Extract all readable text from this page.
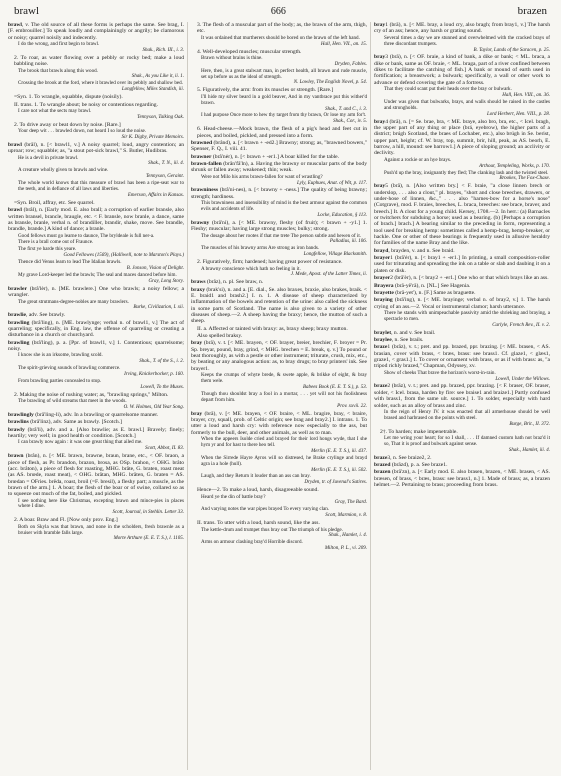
brawl	666	brazen

brawl, v. The old source of all these forms is perhaps the same. See brag, I. [F. embrouiller.] To speak loudly and complainingly or angrily; be clamorous or noisy; quarrel noisily and indecently.

I do the wrong, and first begin to brawl.
Shak., Rich. III., i. 3.

2. To roar, as water flowing over a pebbly or rocky bed; make a loud babbling noise.

The brook that brawls along this wood.
Shak., As you Like it, ii. 1.
Crossing the brook at the ford, where it brawled over its pebbly and shallow bed.
Longfellow, Miles Standish, iii.

=Syn. 1. To wrangle, squabble, dispute (noisily).

II. trans. 1. To wrangle about; be noisy or contentious regarding.

I care not what the sects may brawl.
Tennyson, Talking Oak.

2. To drive away or beat down by noise. [Rare.]

Your deep wit . . . brawled down, not heard I so loud the noise.
Sir K. Digby, Private Memoirs.

brawl (brâl), n. [< brawl1, v.] A noisy quarrel; loud, angry contention; an uproar; row; squabble; as, "a stout pot-sick brawl," S. Butler, Hudibras.

He is a devil in private brawl.
Shak., T. N., iii. 4.
A creature wholly given to brawls and wine.
Tennyson, Geraint.
The whole world knows that this measure of brawl has been a ripe-seat war to the teeth, and in defiance of all laws and liberties.
Emerson, Affairs in Kansas.

=Syn. Broil, affray, etc. See quarrel.

brawl (brâl), n. [Early mod. E. also brall; a corruption of earlier bransle, also written bransel, brancle, braugle, etc. < F. bransle, now branle, a dance, same as bransle, branle, verbal n. of brandiller, brandir, shake, move. See brandle, brandle, brande.] A kind of dance; a branle.

Good fellows must go learne to daunce, The bryldeale is full ner-a.
There is a brall come out of Fraunce.
The first ye harde this yeare.
Good Fellowes (1569), (Halliwell, note to Marston's Plays.)
Thence did Venus learn to lead The Idalian brawls.
B. Jonson, Vision of Delight.
My grave Lord-keeper led the brawls; The seal and maces danced before him.
Gray, Long Story.

brawler (brâ'lėr), n. [ME. brawlere.] One who brawls; a noisy fellow; a wrangler.

The great strutmans-degree-nobles are many brawlers.
Burke, Civilization, I. xii.

brawlie, adv. See brawly.

brawling (brâ'ling), n. [ME. brawlynge; verbal n. of brawl1, v.] The act of quarreling; specifically, in Eng. law, the offense of quarreling or creating a disturbance in a church or churchyard.

brawling (brâ'ling), p. a. [Ppr. of brawl1, v.] 1. Contentious; quarrelsome; noisy.

I know she is an irksome, brawling scold.
Shak., T. of the S., i. 2.
The spirit-grieving sounds of brawling commerce.
Irving, Knickerbocker, p. 160.
From brawling parties concealed to stop.
Lowell, To the Muses.

2. Making the noise of rushing water; as, "brawling springs," Milton.

The brawling of wild streams that meet in the woods.
O. W. Holmes, Old Year Song.

brawlingly (brâ'ling-li), adv. In a brawling or quarrelsome manner.

brawlins (brâ'linz), adv. Same as brawly. [Scotch.]

brawly (brâ'li), adv. and a. [Also brawlie; as E. brawl.] Bravely; finely; heartily; very well; in good health or condition. [Scotch.]

I can brawly now again : it was one great thing that ailed me.
Scott, Abbot, II. 83.

brawn (brân), n. [< ME. brawn, brawne, braun, brane, etc., < OF. braon, a piece of flesh, as Pr. brandon, brazon, brosa, as OSp. brahon, < OHG. brâto (acc. brâton), a piece of flesh for roasting, MHG. brâte, G. braten, roast meat (as AS. brœde, roast meat), < OHG. brâtan, MHG. brâten, G. braten = AS. brœdan = OFries. brêda, roast, broil (=F. bresil), a fleshy part; a muscle, as the brawn of the arm.] 1. A boar; the flesh of the boar or of swine, collared so as to squeeze out much of the fat, boiled, and pickled.

I see nothing here like Christmas, excepting brawn and mince-pies in places where I dine.
Scott, Journal, in Stehlin. Letter 33.

2. A boar. Braw and Fl. [Now only prov. Eng.]

Both on Skyla was that brawn, and none in the scholders, fresh brawnle as a bruiser with bramble falls large.
Morte Arthure (E. E. T. S.), l. 1105.

3. The flesh of a muscular part of the body; as, the brawn of the arm, thigh, etc.

It was ordained that murtherers should be bored on the brawn of the left hand.
Hall, Hen. VII., an. 15.

4. Well-developed muscles; muscular strength.

Brawn without brains is thine.
Dryden, Fables.
Here, then, is a great stalwart man, in perfect health, all brawn and rude muscle, set up before us as the ideal of strength.
N. Lowley, The English Novel, p. 54.

5. Figuratively, the arm: from its muscles or strength. [Rare.]

I'll hide my silver beard in a gold beaver, And in my vantbrace put this wither'd brawn.
Shak., T. and C., i. 3.
I had purpose Once more to hew thy target from thy brawn, Or lose my arm for't.
Shak., Cor., iv. 5.

6. Head-cheese.—Mock brawn, the flesh of a pig's head and feet cut in pieces, and boiled, pickled, and pressed into a form.

brawned (brând), a. [< brawn + -ed2.] Brawny; strong; as, "brawned bowers," Spenser, F. Q., I. viii. 41.

brawner (brâ'nėr), n. [< brawn + -er1.] A boar killed for the table.

brawn-fallen (brân'fâ'ln), a. Having the brawny or muscular parts of the body shrunk or fallen away; weakened; thin; weak.

Were not Milo his arms brawn-fallen for want of wrastling?
Lyly, Euphues, Anat. of Wit, p. 117.

brawniness (brâ'ni-nes), n. [< brawny + -ness.] The quality of being brawny; strength; hardiness.

This brawniness and insensibility of mind is the best armour against the common evils and accidents of life.
Locke, Education, § 113.

brawny (brâ'ni), a. [< ME. brawny, fleshy (of fruit); < brawn + -y1.] 1. Fleshy; muscular; having large strong muscles; bulky; strong.

The dosage about her rootes if that me trete The person subtle and hewen of it.
Palladius, iii. 106.
The muscles of his brawny arms Are strong as iron bands.
Longfellow, Village Blacksmith.

2. Figuratively, firm; hardened; having great power of resistance.

A brawny conscience which hath no feeling in it.
J. Mede, Apost. of the Latter Times, ii.

braws (brâz), n. pl. See braw, n.

braxy (brak'si), n. and a. [E. dial., Se. also braxes, braxie, also brakes, braik. < E. braid1 and brash2.] I. n. 1. A disease of sheep characterized by inflammation of the bowels and retention of the urine: also called the sickness in some parts of Scotland. The name is also given to a variety of other diseases of sheep.—2. A sheep having the braxy; hence, the mutton of such a sheep.

II. a. Affected or tainted with braxy: as, braxy sheep; braxy mutton.

Also spelled braksy.

bray (brā), v. t. [< ME. brayen, < OF. brayer, breier, brechier, F. broyer = Pr. Sp. breyar, pound, bray, grind, < MHG. brechen = E. break, q. v.] To pound or beat thoroughly, as with a pestle or other instrument; triturate, crush, mix, etc., by beating or any analogous action: as, to bray drugs; to bray printers' ink. See brayer1.

Keeps the crumps of whyte brede, & swete apple, & brikke of eight, & bray them wele.
Babees Book (E. E. T. S.), p. 53.
Though thou shouldst bray a fool in a mortar, . . . yet will not his foolishness depart from him.
Prov. xxvii. 22.

bray (brā), v. [< ME. brayen, < OF. braire, < ML. bragire, bray, < braire, brayer, cry, squall, prob. of Celtic origin; see brag and bray2.] I. intrans. 1. To utter a loud and harsh cry: with reference now especially to the ass, but formerly to the bull, deer, and other animals, as well as to man.

When the appeers Isolde cried and brayed for their lord hongs wyde, that I she hym yr and for hast to there heo tell.
Merlin (E. E. T. S.), iii. 437.
When the Sirrede Hayre Ayros will so distresed, he Brake crylinge and brayd agra ia a hole (hull).
Merlin (E. E. T. S.), iii. 502.
Laugh, and they Return it louder than an ass can bray.
Dryden, tr. of Juvenal's Satires.

Hence—2. To make a loud, harsh, disagreeable sound.

Heard ye the din of battle bray?
Gray, The Bard.
And varying notes the war pipes brayed To every varying clan.
Scott, Marmion, v. 8.

II. trans. To utter with a loud, harsh sound, like the ass.

The kettle-drum and trumpet thus bray out The triumph of his pledge.
Shak., Hamlet, i. 4.
Arms on armour clashing bray'd Horrible discord.
Milton, P. L., vi. 209.

bray1 (brā), n. [< ME. bray, a loud cry, also bragh; from bray1, v.] The harsh cry of an ass; hence, any harsh or grating sound.

Several times a day we are stunned and overwhelmed with the cracked brays of three discordant trumpets.
B. Taylor, Lands of the Saracen, p. 25.

bray3 (brā), n. [< OF. braie, a kind of bank, a dike or bank; < ML. braca, a dike or bank, same as OF. braie, < ML. braga, part of a river confined between dikes to facilitate the catching of fish.] A bank or mound of earth used in fortification; a breastwork; a bulwark; specifically, a wall or other work to advance or defend covering the gate of a fortress.

That they could scant put their heads over the bray or bulwark.
Hall, Hen. VIII., an. 36.
Under was given that bulwarks, brays, and walls should be raised in the castles and strongholds.
Lord Herbert, Hen. VIII., p. 28.

bray4 (brā), n. [= Se. brae, bra, < ME. braye, also bro, bra, etc., < Icel. bragh, the upper part of any thing or place (brá, eyebrow), the higher parts of a district; brúgh Scotland, the braes of Lochaber, etc.), also brúgh in Se. berist, upper part, height; cf. W. bray, top, summit, brir, hill, peak, as AS. beorh, E. barrow, a hill, mound: see barrow1.] A piece of sloping ground; an acclivity or declivity.

Against a rockie or an hye brays.
Arthour, Templeling, Works, p. 170.
Push'd up the bray, insignantly they fled; The clanking lash and the twisted steel.
Brookes, The Fox-Chase.

bray5 (brā), n. [Also written bry.] < F. braie, "a close linnen brech or underslop, . . . also a clout," pl. brayes, "short and close breeches, drawers, or under-hose of linnen, &c.," . . . also "harnes-bow for a horse's nose" (Cotgrave), mod. F. braies, breeches, L. braca, breeches: see brace, braver, and breech.] It. A clout for a young child. Kersey, 1708.—2. In herr.: (a) Barnacles or twitchers for subduing a horse; used as a bearing. (b) [Perhaps a corruption of brach.] brach.] A bearing similar to the preceding in form, representing a tool used for breaking hemp: sometimes called a hemp-brag, hemp-breaker, or hackle. One or other of these bearings is frequently used in allusive heraldry for families of the name Bray and the like.

brayd, brayden, v. and n. See braid.

brayer1 (brā'ėr), n. [< bray1 + -er1.] In printing, a small composition-roller used for triturating and spreading the ink on a table or slab and daubing it on a platen or disk.

brayer2 (brā'ėr), n. [< bray2 + -er1.] One who or that which brays like an ass.

Brayera (brā-yē'rā), n. [NL.] See Hagenia.

brayette (brā-yet'), n. [F.] Same as braguette.

braying (brā'ing), n. [< ME. brayinge; verbal n. of bray2, v.] 1. The harsh crying of an ass.—2. Vocal or instrumental clamor; harsh utterance.

There he stands with unimpeachable passivity amid the shrieking and braying, a spectacle to men.
Carlyle, French Rev., II. v. 2.

braylet, n. and v. See brail.

braylee, n. See brails.

braze1 (brāz), v. t.; pret. and pp. brazed, ppr. brazing. [< ME. brasen, < AS. brasian, cover with brass, < bræs, brass: see brass1. Cf. glaze1, < glæs1, graze1, < gras1.] 1. To cover or ornament with brass, or as if with brass: as, "a tripod richly brazed," Chapman, Odyssey, xv.

Show of cheeks That brave the horizon's worst-in-rain.
Lowell, Under the Willows.

braze2 (brāz), v. t.; pret. and pp. brazed, ppr. brazing. [< F. braser, OF. braser, solder, < Icel. brasa, harden by fire: see braise1 and braize1.] Partly confused with brass1, from the same ult. source.] 1. To solder, especially with hard solder, such as an alloy of brass and zinc.

In the reign of Henry IV. it was enacted that all armerhouse should be well brased and harbrased on the points with steel.
Burge, Brit., II. 372.

2†. To harden; make impenetrable.

Let me wring your heart; for so I shall, . . . If damned custom hath not braz'd it so, That it is proof and bulwark against sense.
Shak., Hamlet, iii. 4.

braze3, n. See braize2, 2.

brazed (brāzd), p. a. See braze1.

brazen (brā'zn), a. [< Early mod. E. also brasen, brazen, < ME. brasen, < AS. bræsen, of brass, < bræs, brass: see brass1, n.] 1. Made of brass; as, a brazen helmet.—2. Pertaining to brass; proceeding from brass.
